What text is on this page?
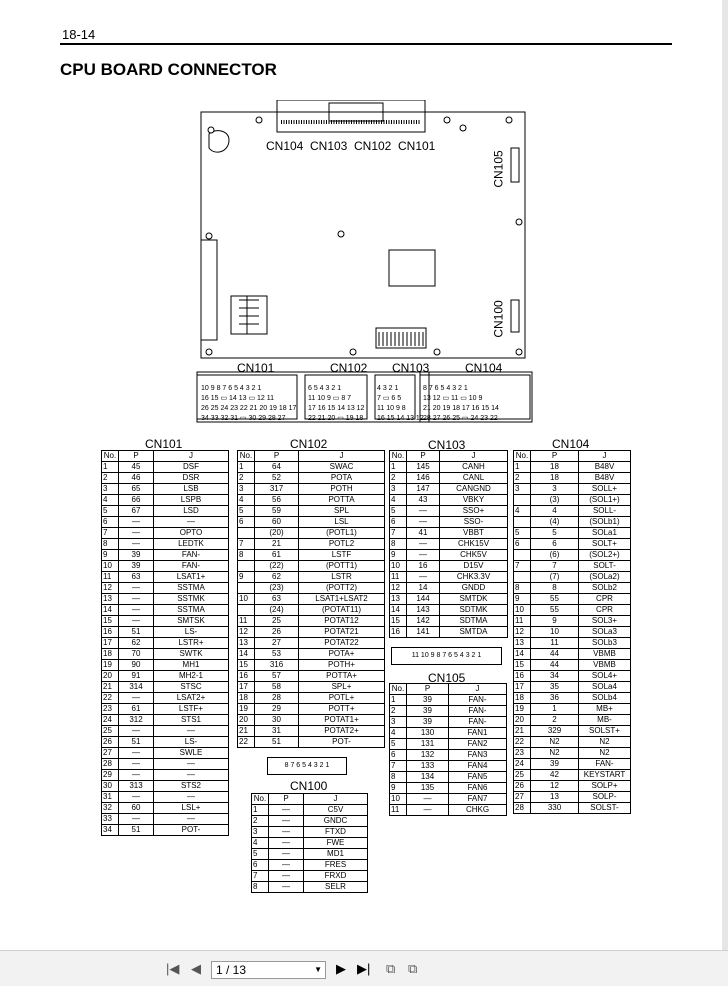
18-14
CPU BOARD CONNECTOR
10 9 8 7 6 5 4 3 2 1
16 15 ▭ 14 13 ▭ 12 11
26 25 24 23 22 21 20 19 18 17
34 33 32 31 ▭ 30 29 28 27
6 5 4 3 2 1
11 10 9 ▭ 8 7
17 16 15 14 13 12
22 21 20 ▭ 19 18
4 3 2 1
7 ▭ 6 5
11 10 9 8
16 15 14 13 12
8 7 6 5 4 3 2 1
13 12 ▭ 11 ▭ 10 9
21 20 19 18 17 16 15 14
28 27 26 25 ▭ 24 23 22
CN104 CN103 CN102 CN101
CN105
CN100
CN101	CN102 CN103	CN104
CN101	CN102	CN103	CN104
CN105
CN100
No.	P	J
1	45	DSF
2	46	DSR
3	65	LSB
4	66	LSPB
5	67	LSD
6	—	—
7	—	OPTO
8	—	LEDTK
9	39	FAN-
10	39	FAN-
11	63	LSAT1+
12	—	SSTMA
13	—	SSTMK
14	—	SSTMA
15	—	SMTSK
16	51	LS-
17	62	LSTR+
18	70	SWTK
19	90	MH1
20	91	MH2-1
21	314	STSC
22	—	LSAT2+
23	61	LSTF+
24	312	STS1
25	—	—
26	51	LS-
27	—	SWLE
28	—	—
29	—	—
30	313	STS2
31	—	—
32	60	LSL+
33	—	—
34	51	POT-
No.	P	J
1	64	SWAC
2	52	POTA
3	317	POTH
4	56	POTTA
5	59	SPL
6	60	LSL
	(20)	(POTL1)
7	21	POTL2
8	61	LSTF
	(22)	(POTT1)
9	62	LSTR
	(23)	(POTT2)
10	63	LSAT1+LSAT2
	(24)	(POTAT11)
11	25	POTAT12
12	26	POTAT21
13	27	POTAT22
14	53	POTA+
15	316	POTH+
16	57	POTTA+
17	58	SPL+
18	28	POTL+
19	29	POTT+
20	30	POTAT1+
21	31	POTAT2+
22	51	POT-
No.	P	J
1	145	CANH
2	146	CANL
3	147	CANGND
4	43	VBKY
5	—	SSO+
6	—	SSO-
7	41	VBBT
8	—	CHK15V
9	—	CHK5V
10	16	D15V
11	—	CHK3.3V
12	14	GNDD
13	144	SMTDK
14	143	SDTMK
15	142	SDTMA
16	141	SMTDA
No.	P	J
1	18	B48V
2	18	B48V
3	3	SOLL+
	(3)	(SOL1+)
4	4	SOLL-
	(4)	(SOLb1)
5	5	SOLa1
6	6	SOLT+
	(6)	(SOL2+)
7	7	SOLT-
	(7)	(SOLa2)
8	8	SOLb2
9	55	CPR
10	55	CPR
11	9	SOL3+
12	10	SOLa3
13	11	SOLb3
14	44	VBMB
15	44	VBMB
16	34	SOL4+
17	35	SOLa4
18	36	SOLb4
19	1	MB+
20	2	MB-
21	329	SOLST+
22	N2	N2
23	N2	N2
24	39	FAN-
25	42	KEYSTART
26	12	SOLP+
27	13	SOLP-
28	330	SOLST-
No.	P	J
1	39	FAN-
2	39	FAN-
3	39	FAN-
4	130	FAN1
5	131	FAN2
6	132	FAN3
7	133	FAN4
8	134	FAN5
9	135	FAN6
10	—	FAN7
11	—	CHKG
No.	P	J
1	—	C5V
2	—	GNDC
3	—	FTXD
4	—	FWE
5	—	MD1
6	—	FRES
7	—	FRXD
8	—	SELR
11 10 9 8 7 6 5 4 3 2 1
8 7 6 5 4 3 2 1
|◀ ◀	1 / 13	▼ ▶ ▶| ⧉ ⧉
